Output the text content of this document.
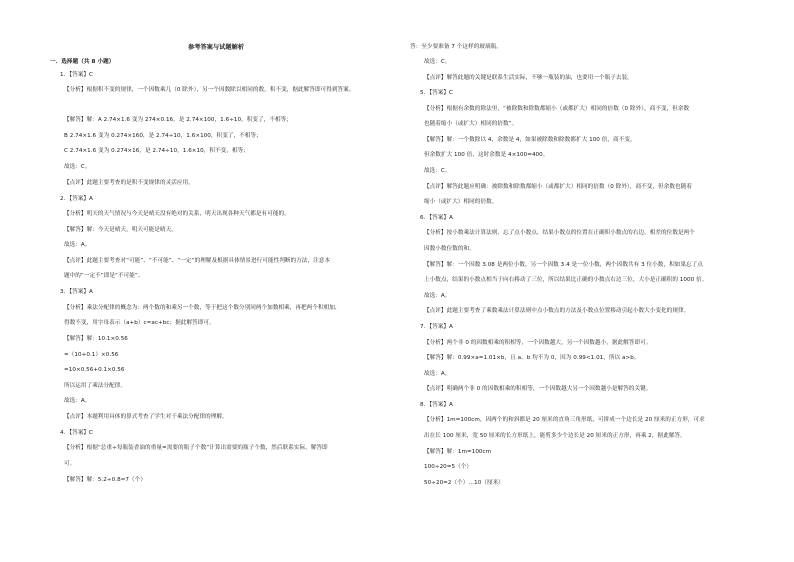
参考答案与试题解析
一．选择题（共 8 小题）
1．【答案】C
【分析】根据积不变的规律，一个因数乘几（0 除外），另一个因数除以相同的数，积不变，据此解答即可得到答案。
【解答】解：A 2.74×1.6 变为 274×0.16，是 2.74×100，1.6÷10，积变了，不相等；
B 2.74×1.6 变为 0.274×160，是 2.74÷10，1.6×100，积变了，不相等；
C 2.74×1.6 变为 0.274×16，是 2.74÷10，1.6×10，积不变，相等；
故选：C。
【点评】此题主要考查的是积不变规律的灵活应用。
2．【答案】A
【分析】明天的天气情况与今天是晴天没有绝对的关系，明天出现各种天气都是有可能的。
【解答】解：今天是晴天，明天可能是晴天。
故选：A。
【点评】此题主要考查对“可能”、“不可能”、“一定”的理解及根据具体情景进行可能性判断的方法，注意本
题中的“一定不”即是“不可能”。
3．【答案】A
【分析】乘法分配律的概念为：两个数的和乘另一个数，等于把这个数分别同两个加数相乘，再把两个积相加，
得数不变，用字母表示（a+b）c=ac+bc；据此解答即可。
【解答】解：10.1×0.56
=（10+0.1）×0.56
=10×0.56+0.1×0.56
所以运用了乘法分配律。
故选：A。
【点评】本题利用具体的算式考查了学生对于乘法分配律的理解。
4．【答案】C
【分析】根据“总重÷每瓶装香油的重量=需要的瓶子个数”计算出需要的瓶子个数，然后联系实际，解答即
可。
【解答】解：5.2÷0.8≈7（个）
答：至少要准备 7 个这样的玻璃瓶。
故选：C。
【点评】解答此题的关键是联系生活实际，不够一瓶装的油，也要用一个瓶子去装。
5．【答案】C
【分析】根据有余数的除法里，“被除数和除数都缩小（或都扩大）相同的倍数（0 除外），商不变，但余数
也随着缩小（或扩大）相同的倍数”。
【解答】解：一个数除以 4，余数是 4，如果被除数和除数都扩大 100 倍，商不变，
但余数扩大 100 倍，这时余数是 4×100=400。
故选：C。
【点评】解答此题应明确：被除数和除数都缩小（或都扩大）相同的倍数（0 除外），商不变，但余数也随着
缩小（或扩大）相同的倍数。
6．【答案】A
【分析】按小数乘法计算法则，忘了点小数点，结果小数点的位置在正确积小数点的右边，相差的位数是两个
因数小数位数的和。
【解答】解：一个因数 3.08 是两位小数，另一个因数 3.4 是一位小数，两个因数共有 3 位小数，积如果忘了点
上小数点，结果的小数点相当于向右移动了三位，所以结果比正确的小数点右边三位，大小是正确积的 1000 倍。
故选：A。
【点评】此题主要考查了乘数乘法计算法则中点小数点的方法及小数点位置移动引起小数大小变化的规律。
7．【答案】A
【分析】两个非 0 的因数相乘的积相等，一个因数越大，另一个因数越小，据此解答即可。
【解答】解：0.99×a=1.01×b，且 a、b 均不为 0，因为 0.99<1.01，所以 a>b。
故选：A。
【点评】明确两个非 0 的因数相乘的积相等，一个因数越大另一个因数越小是解答的关键。
8．【答案】A
【分析】1m=100cm，因两个的和斜都是 20 厘米的直角三角形纸，可拼成一个边长是 20 厘米的正方形，可求
出在长 100 厘米，宽 50 厘米的长方形纸上，能剪多少个边长是 20 厘米的正方形，再乘 2，据此解答。
【解答】解：1m=100cm
100÷20=5（个）
50÷20=2（个）…10（厘米）
